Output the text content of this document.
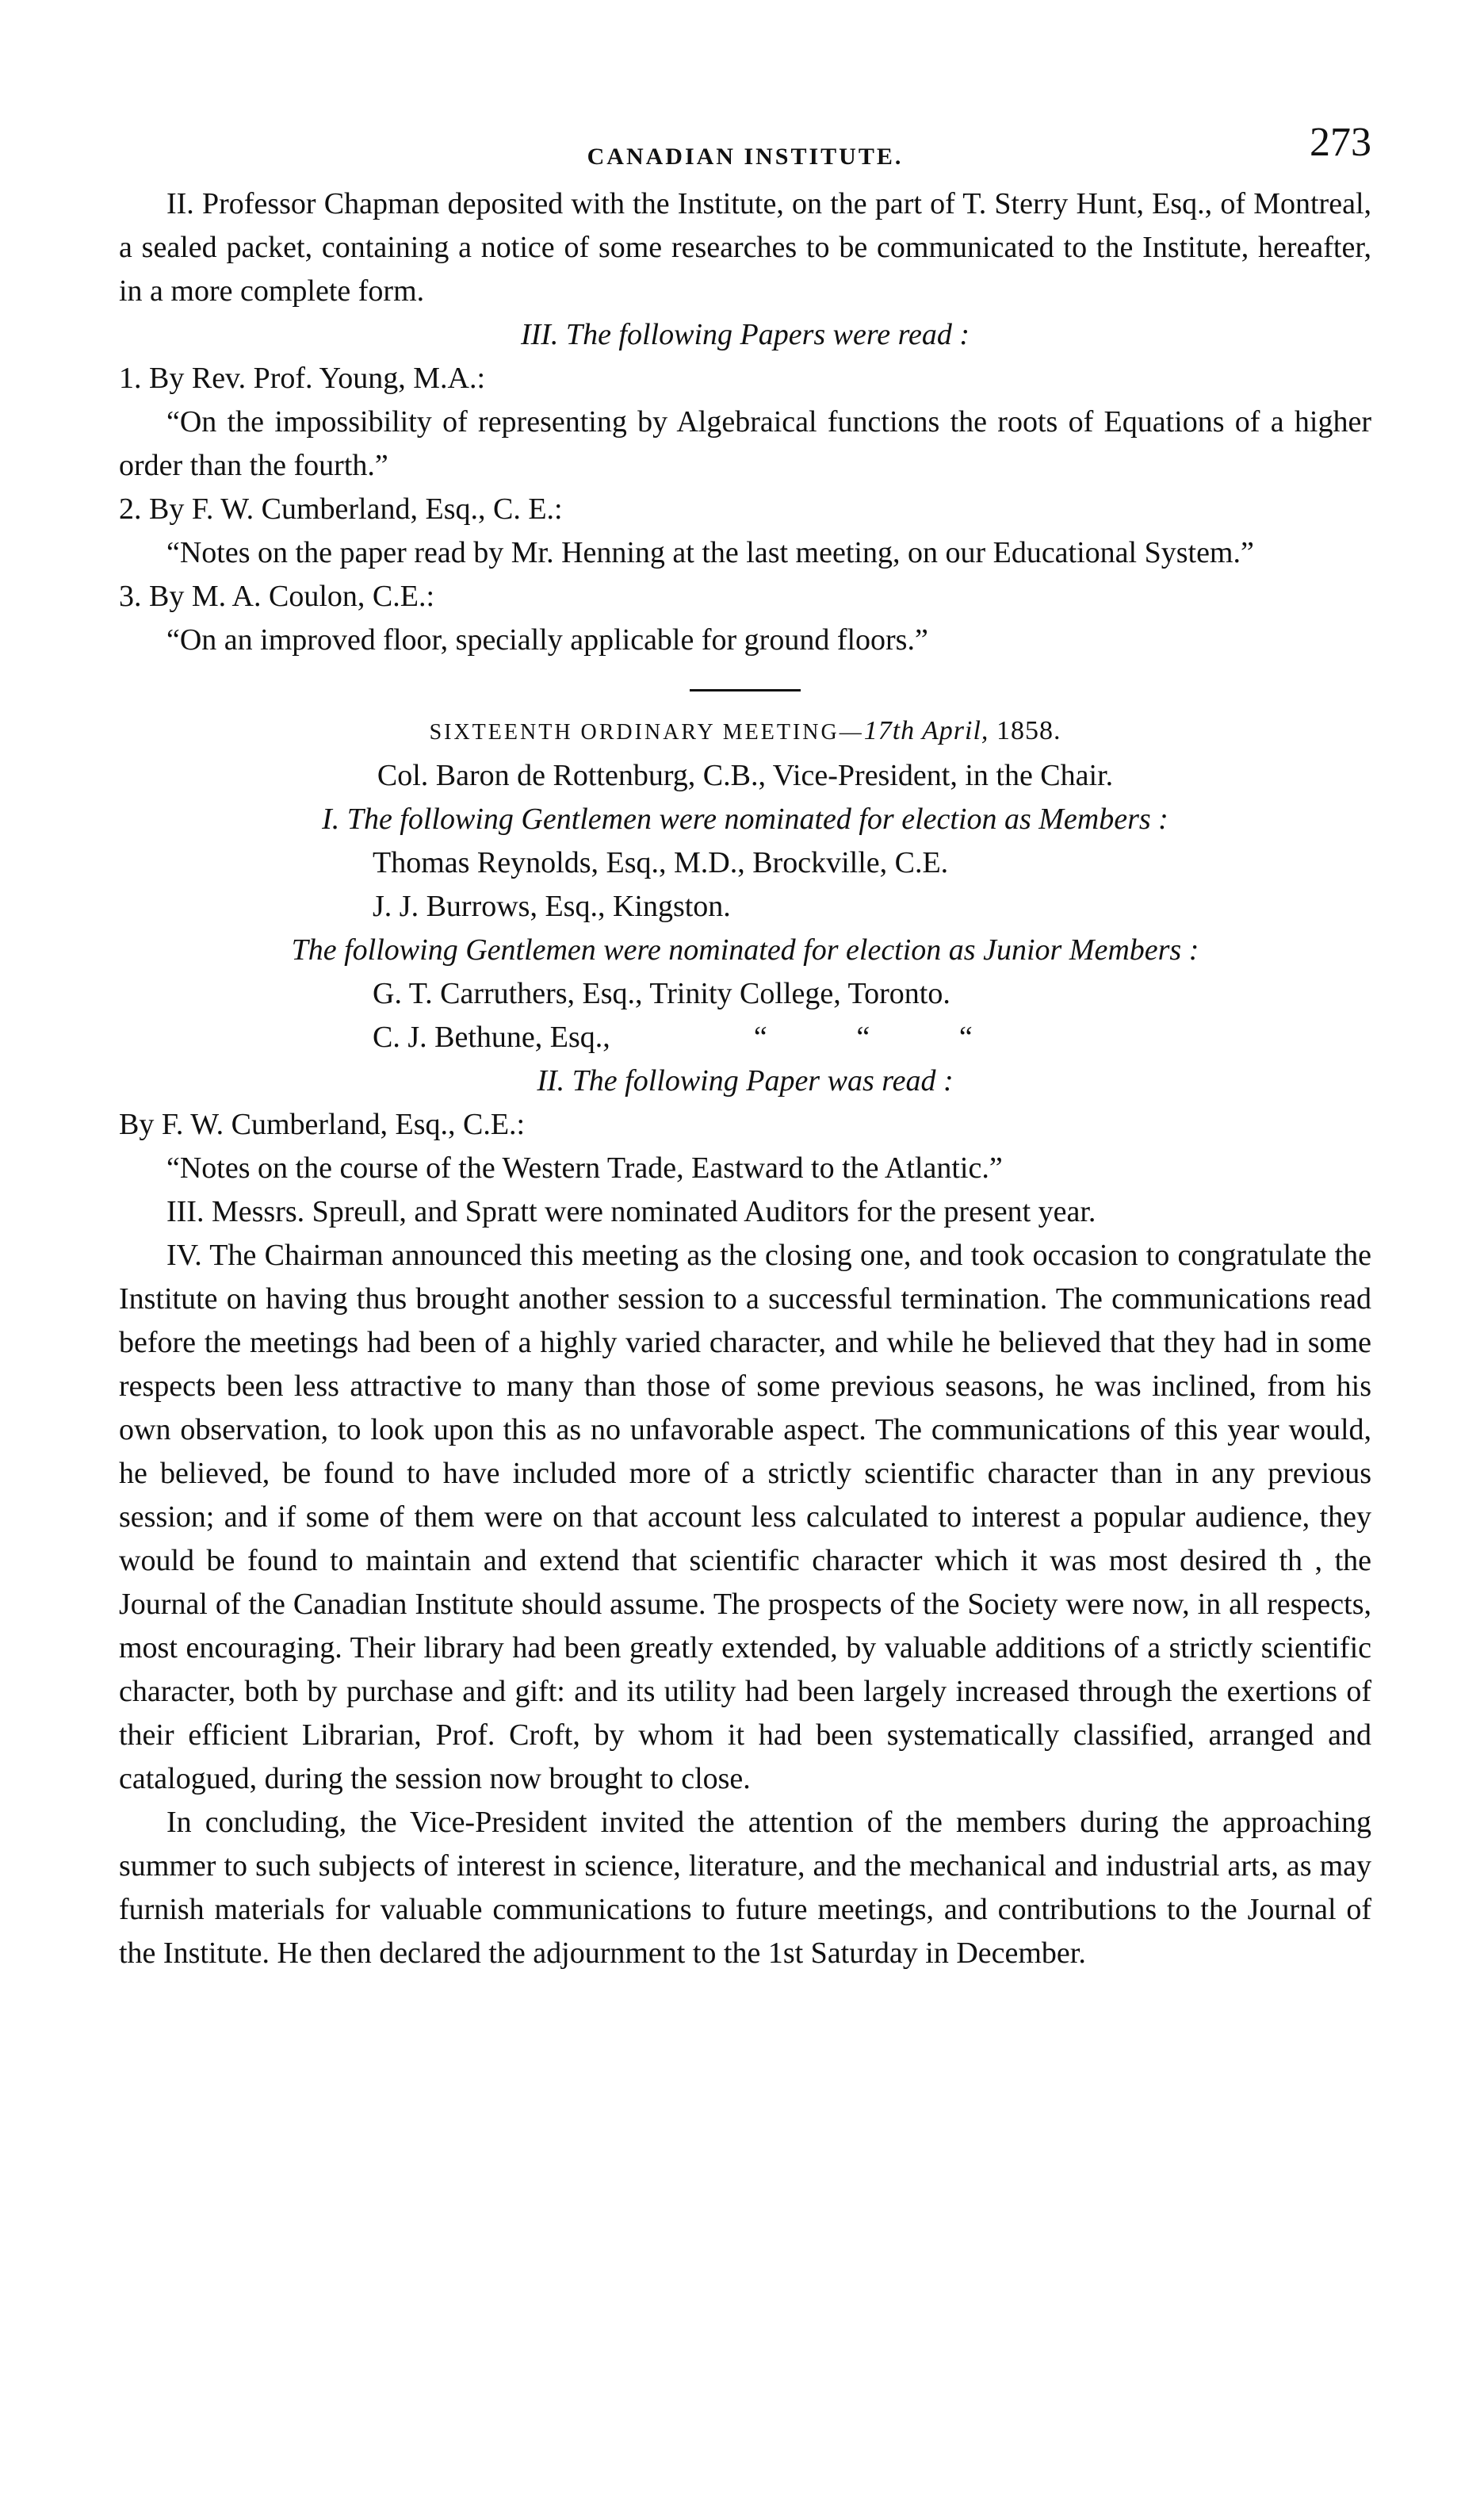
CANADIAN INSTITUTE.	273

II. Professor Chapman deposited with the Institute, on the part of T. Sterry Hunt, Esq., of Montreal, a sealed packet, containing a notice of some researches to be communicated to the Institute, hereafter, in a more complete form.

III. The following Papers were read :

1. By Rev. Prof. Young, M.A.:

“On the impossibility of representing by Algebraical functions the roots of Equations of a higher order than the fourth.”

2. By F. W. Cumberland, Esq., C. E.:

“Notes on the paper read by Mr. Henning at the last meeting, on our Educational System.”

3. By M. A. Coulon, C.E.:

“On an improved floor, specially applicable for ground floors.”

SIXTEENTH ORDINARY MEETING—17th April, 1858.

Col. Baron de Rottenburg, C.B., Vice-President, in the Chair.

I. The following Gentlemen were nominated for election as Members :

Thomas Reynolds, Esq., M.D., Brockville, C.E.

J. J. Burrows, Esq., Kingston.

The following Gentlemen were nominated for election as Junior Members :

G. T. Carruthers, Esq., Trinity College, Toronto.

C. J. Bethune, Esq.,	“	“	“

II. The following Paper was read :

By F. W. Cumberland, Esq., C.E.:

“Notes on the course of the Western Trade, Eastward to the Atlantic.”

III. Messrs. Spreull, and Spratt were nominated Auditors for the present year.

IV. The Chairman announced this meeting as the closing one, and took occasion to congratulate the Institute on having thus brought another session to a successful termination. The communications read before the meetings had been of a highly varied character, and while he believed that they had in some respects been less attractive to many than those of some previous seasons, he was inclined, from his own observation, to look upon this as no unfavorable aspect. The communications of this year would, he believed, be found to have included more of a strictly scientific character than in any previous session; and if some of them were on that account less calculated to interest a popular audience, they would be found to maintain and extend that scientific character which it was most desired th , the Journal of the Canadian Institute should assume. The prospects of the Society were now, in all respects, most encouraging. Their library had been greatly extended, by valuable additions of a strictly scientific character, both by purchase and gift: and its utility had been largely increased through the exertions of their efficient Librarian, Prof. Croft, by whom it had been systematically classified, arranged and catalogued, during the session now brought to close.

In concluding, the Vice-President invited the attention of the members during the approaching summer to such subjects of interest in science, literature, and the mechanical and industrial arts, as may furnish materials for valuable communications to future meetings, and contributions to the Journal of the Institute. He then declared the adjournment to the 1st Saturday in December.
